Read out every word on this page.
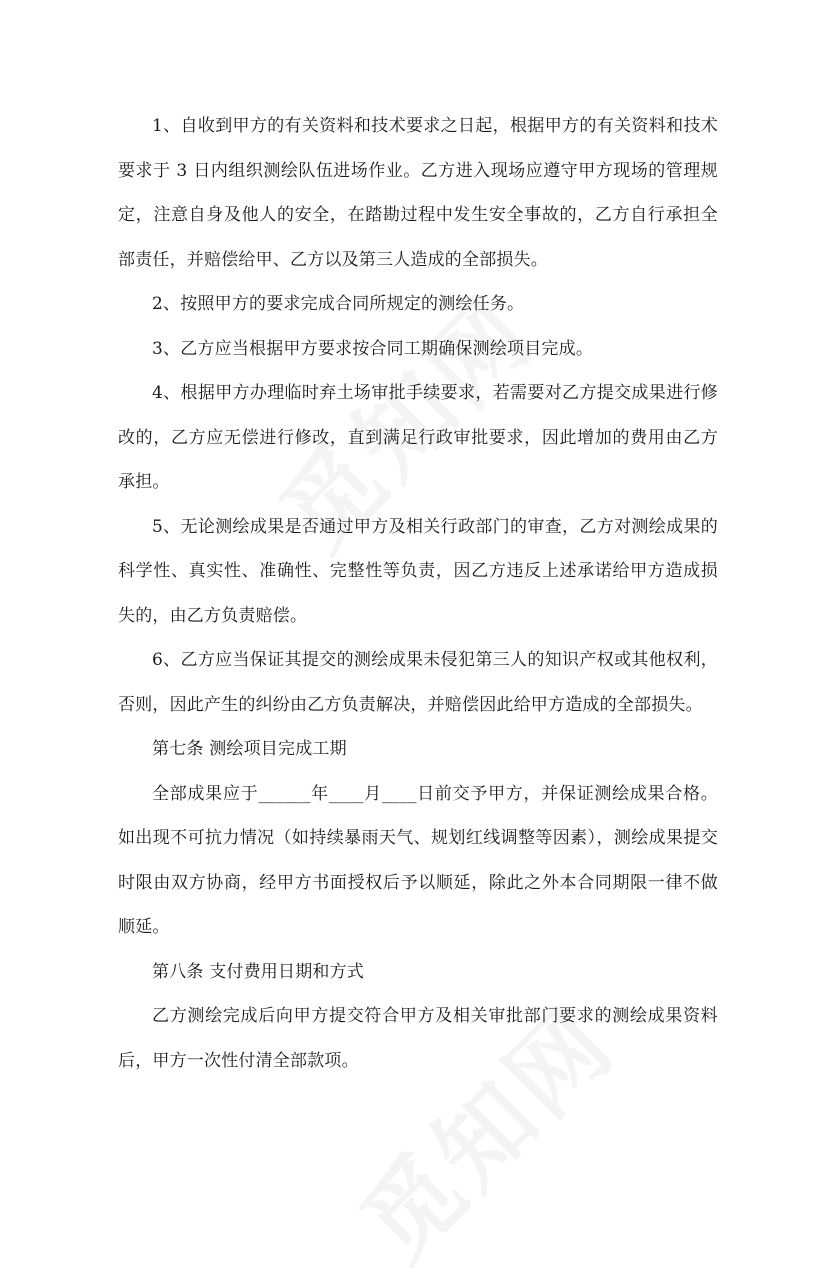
1、自收到甲方的有关资料和技术要求之日起，根据甲方的有关资料和技术要求于 3 日内组织测绘队伍进场作业。乙方进入现场应遵守甲方现场的管理规定，注意自身及他人的安全，在踏勘过程中发生安全事故的，乙方自行承担全部责任，并赔偿给甲、乙方以及第三人造成的全部损失。

2、按照甲方的要求完成合同所规定的测绘任务。

3、乙方应当根据甲方要求按合同工期确保测绘项目完成。

4、根据甲方办理临时弃土场审批手续要求，若需要对乙方提交成果进行修改的，乙方应无偿进行修改，直到满足行政审批要求，因此增加的费用由乙方承担。

5、无论测绘成果是否通过甲方及相关行政部门的审查，乙方对测绘成果的科学性、真实性、准确性、完整性等负责，因乙方违反上述承诺给甲方造成损失的，由乙方负责赔偿。

6、乙方应当保证其提交的测绘成果未侵犯第三人的知识产权或其他权利，否则，因此产生的纠纷由乙方负责解决，并赔偿因此给甲方造成的全部损失。

第七条 测绘项目完成工期

全部成果应于______年____月____日前交予甲方，并保证测绘成果合格。如出现不可抗力情况（如持续暴雨天气、规划红线调整等因素），测绘成果提交时限由双方协商，经甲方书面授权后予以顺延，除此之外本合同期限一律不做顺延。

第八条 支付费用日期和方式

乙方测绘完成后向甲方提交符合甲方及相关审批部门要求的测绘成果资料后，甲方一次性付清全部款项。
